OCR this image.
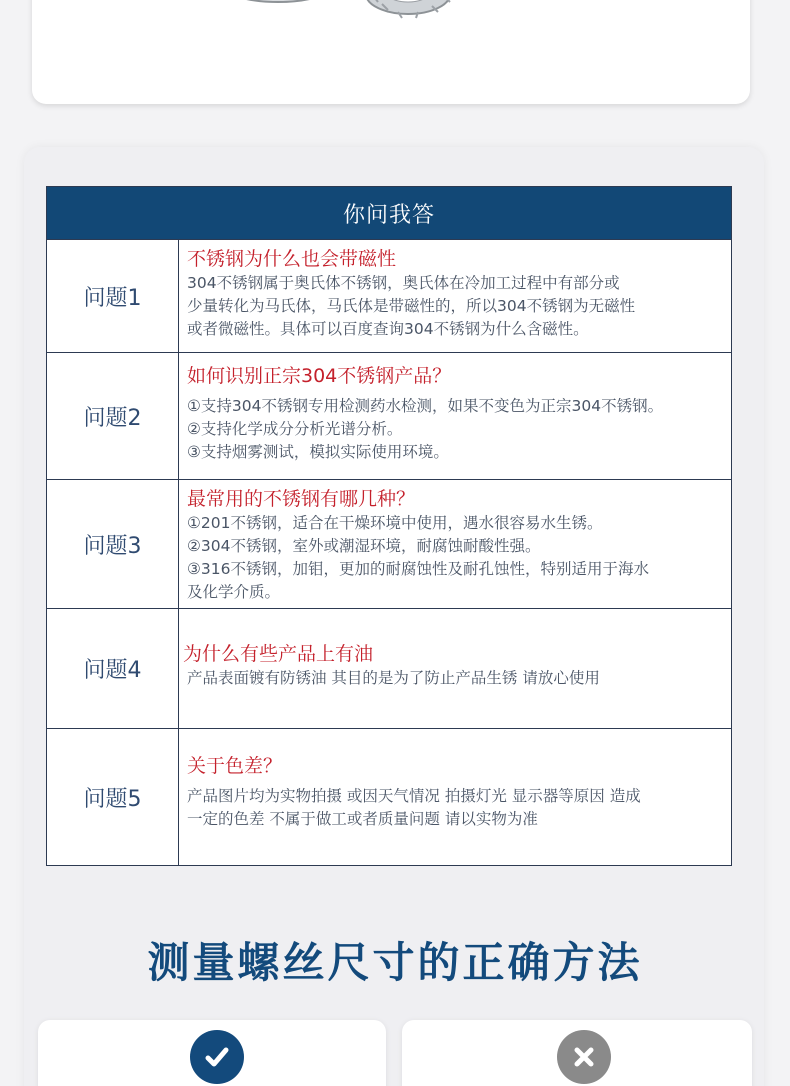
你问我答
问题1
不锈钢为什么也会带磁性
304不锈钢属于奥氏体不锈钢，奥氏体在冷加工过程中有部分或
少量转化为马氏体，马氏体是带磁性的，所以304不锈钢为无磁性
或者微磁性。具体可以百度查询304不锈钢为什么含磁性。
问题2
如何识别正宗304不锈钢产品？
①支持304不锈钢专用检测药水检测，如果不变色为正宗304不锈钢。
②支持化学成分分析光谱分析。
③支持烟雾测试，模拟实际使用环境。
问题3
最常用的不锈钢有哪几种？
①201不锈钢，适合在干燥环境中使用，遇水很容易水生锈。
②304不锈钢，室外或潮湿环境，耐腐蚀耐酸性强。
③316不锈钢，加钼，更加的耐腐蚀性及耐孔蚀性，特别适用于海水
及化学介质。
问题4
为什么有些产品上有油
产品表面镀有防锈油 其目的是为了防止产品生锈 请放心使用
问题5
关于色差？
产品图片均为实物拍摄 或因天气情况 拍摄灯光 显示器等原因 造成
一定的色差 不属于做工或者质量问题 请以实物为准
测量螺丝尺寸的正确方法
